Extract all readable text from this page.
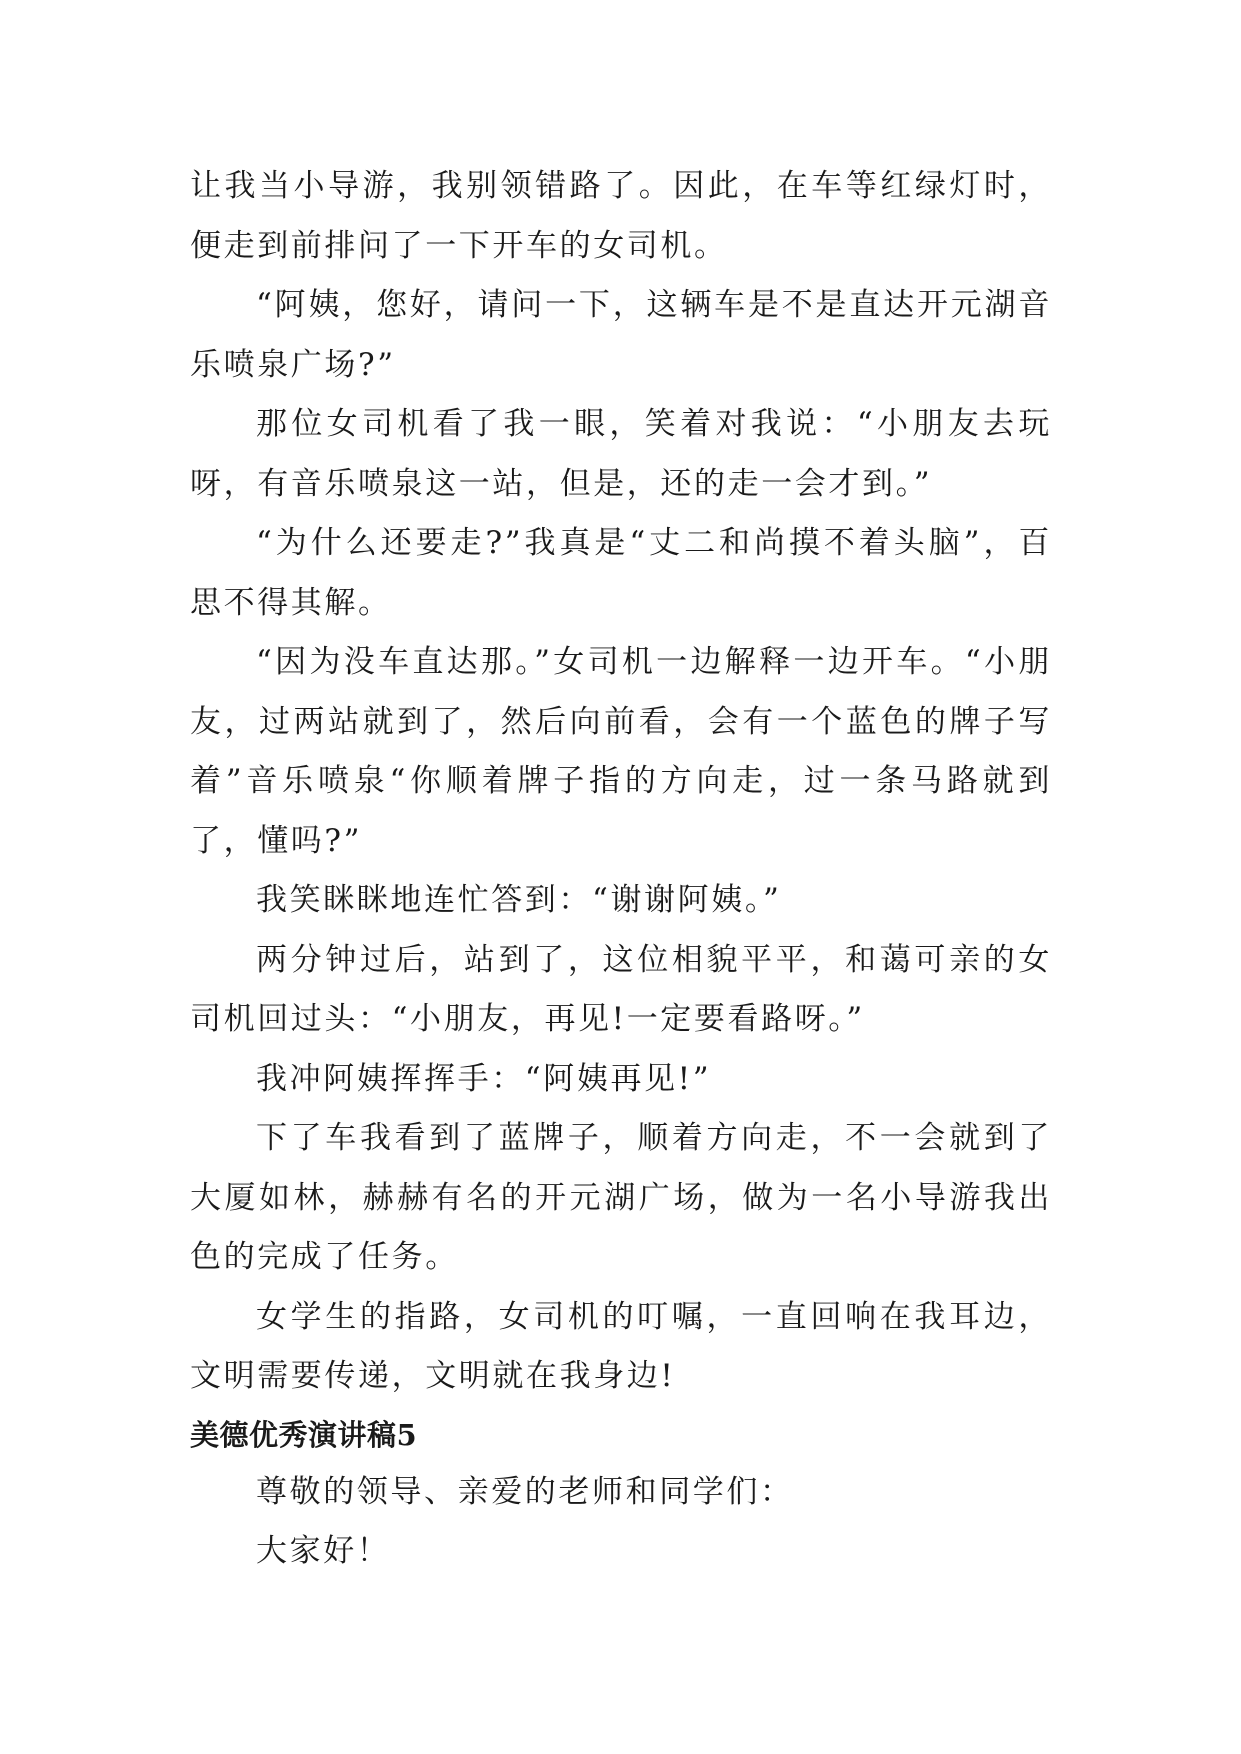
让我当小导游，我别领错路了。因此，在车等红绿灯时，便走到前排问了一下开车的女司机。

“阿姨，您好，请问一下，这辆车是不是直达开元湖音乐喷泉广场?”

那位女司机看了我一眼，笑着对我说：“小朋友去玩呀，有音乐喷泉这一站，但是，还的走一会才到。”

“为什么还要走?”我真是“丈二和尚摸不着头脑”，百思不得其解。

“因为没车直达那。”女司机一边解释一边开车。“小朋友，过两站就到了，然后向前看，会有一个蓝色的牌子写着”音乐喷泉“你顺着牌子指的方向走，过一条马路就到了，懂吗?”

我笑眯眯地连忙答到：“谢谢阿姨。”

两分钟过后，站到了，这位相貌平平，和蔼可亲的女司机回过头：“小朋友，再见!一定要看路呀。”

我冲阿姨挥挥手：“阿姨再见!”

下了车我看到了蓝牌子，顺着方向走，不一会就到了大厦如林，赫赫有名的开元湖广场，做为一名小导游我出色的完成了任务。

女学生的指路，女司机的叮嘱，一直回响在我耳边，文明需要传递，文明就在我身边!

美德优秀演讲稿5

尊敬的领导、亲爱的老师和同学们：

大家好！
